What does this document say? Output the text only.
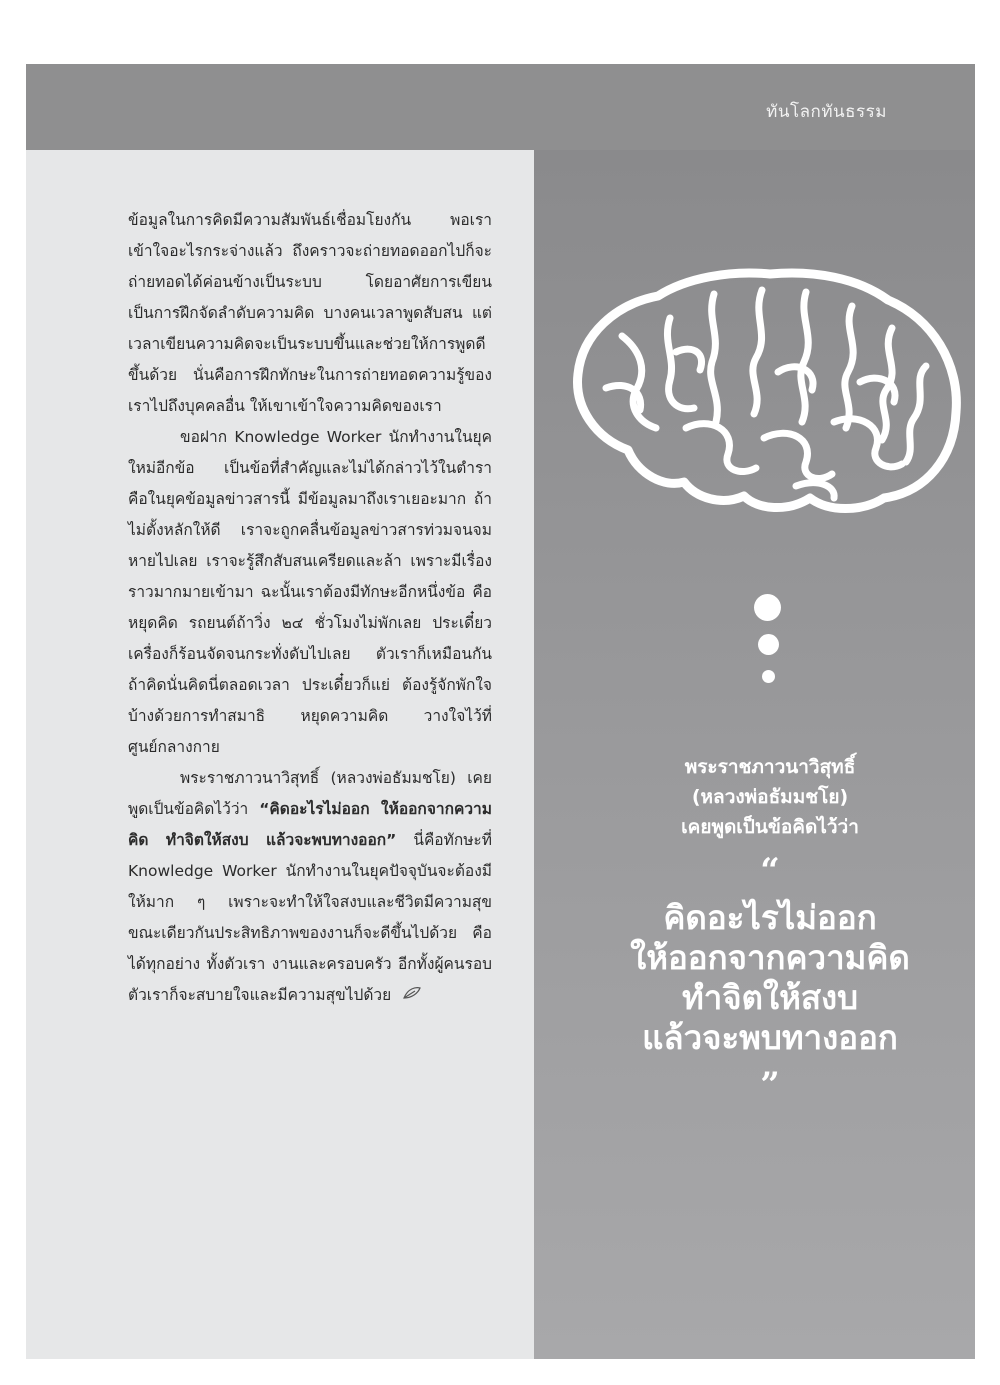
ทันโลกทันธรรม

ข้อมูลในการคิดมีความสัมพันธ์เชื่อมโยงกัน พอเราเข้าใจอะไรกระจ่างแล้ว ถึงคราวจะถ่ายทอดออกไปก็จะถ่ายทอดได้ค่อนข้างเป็นระบบ โดยอาศัยการเขียน เป็นการฝึกจัดลำดับความคิด บางคนเวลาพูดสับสน แต่เวลาเขียนความคิดจะเป็นระบบขึ้นและช่วยให้การพูดดีขึ้นด้วย นั่นคือการฝึกทักษะในการถ่ายทอดความรู้ของเราไปถึงบุคคลอื่น ให้เขาเข้าใจความคิดของเรา

ขอฝาก Knowledge Worker นักทำงานในยุคใหม่อีกข้อ เป็นข้อที่สำคัญและไม่ได้กล่าวไว้ในตำรา คือในยุคข้อมูลข่าวสารนี้ มีข้อมูลมาถึงเราเยอะมาก ถ้าไม่ตั้งหลักให้ดี เราจะถูกคลื่นข้อมูลข่าวสารท่วมจนจมหายไปเลย เราจะรู้สึกสับสนเครียดและล้า เพราะมีเรื่องราวมากมายเข้ามา ฉะนั้นเราต้องมีทักษะอีกหนึ่งข้อ คือหยุดคิด รถยนต์ถ้าวิ่ง ๒๔ ชั่วโมงไม่พักเลย ประเดี๋ยวเครื่องก็ร้อนจัดจนกระทั่งดับไปเลย ตัวเราก็เหมือนกัน ถ้าคิดนั่นคิดนี่ตลอดเวลา ประเดี๋ยวก็แย่ ต้องรู้จักพักใจบ้างด้วยการทำสมาธิ หยุดความคิด วางใจไว้ที่ศูนย์กลางกาย

พระราชภาวนาวิสุทธิ์ (หลวงพ่อธัมมชโย) เคยพูดเป็นข้อคิดไว้ว่า “คิดอะไรไม่ออก ให้ออกจากความคิด ทำจิตให้สงบ แล้วจะพบทางออก” นี่คือทักษะที่ Knowledge Worker นักทำงานในยุคปัจจุบันจะต้องมีให้มาก ๆ เพราะจะทำให้ใจสงบและชีวิตมีความสุข ขณะเดียวกันประสิทธิภาพของงานก็จะดีขึ้นไปด้วย คือได้ทุกอย่าง ทั้งตัวเรา งานและครอบครัว อีกทั้งผู้คนรอบตัวเราก็จะสบายใจและมีความสุขไปด้วย

พระราชภาวนาวิสุทธิ์
(หลวงพ่อธัมมชโย)
เคยพูดเป็นข้อคิดไว้ว่า
“
คิดอะไรไม่ออก
ให้ออกจากความคิด
ทำจิตให้สงบ
แล้วจะพบทางออก
”
